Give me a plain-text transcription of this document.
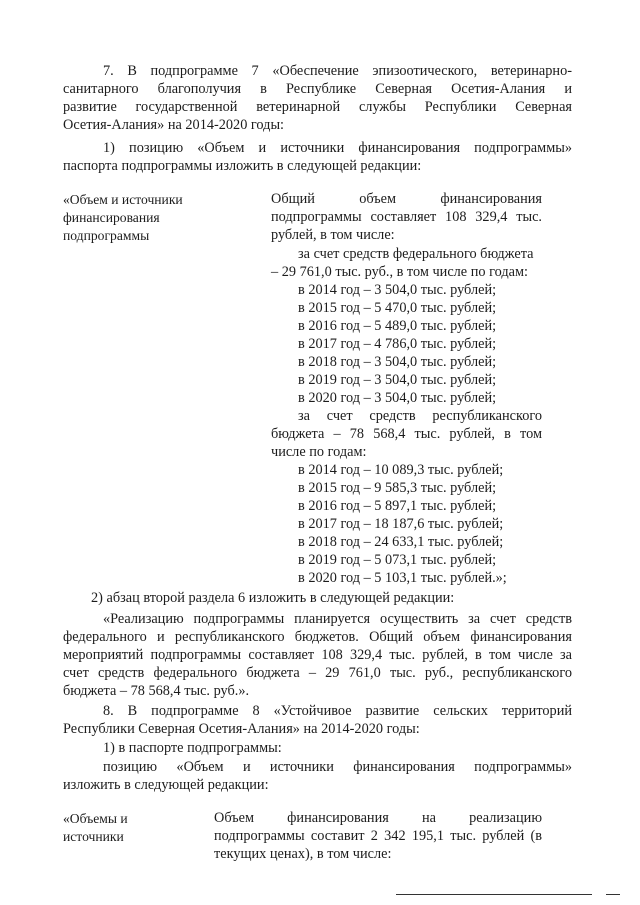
7. В подпрограмме 7 «Обеспечение эпизоотического, ветеринарно-
санитарного благополучия в Республике Северная Осетия-Алания и
развитие государственной ветеринарной службы Республики Северная
Осетия-Алания» на 2014-2020 годы:
1) позицию «Объем и источники финансирования подпрограммы»
паспорта подпрограммы изложить в следующей редакции:
«Объем и источники
финансирования
подпрограммы
Общий объем финансирования
подпрограммы составляет 108 329,4 тыс.
рублей, в том числе:
за счет средств федерального бюджета
– 29 761,0 тыс. руб., в том числе по годам:
в 2014 год – 3 504,0 тыс. рублей;
в 2015 год – 5 470,0 тыс. рублей;
в 2016 год – 5 489,0 тыс. рублей;
в 2017 год – 4 786,0 тыс. рублей;
в 2018 год – 3 504,0 тыс. рублей;
в 2019 год – 3 504,0 тыс. рублей;
в 2020 год – 3 504,0 тыс. рублей;
за счет средств республиканского
бюджета – 78 568,4 тыс. рублей, в том
числе по годам:
в 2014 год – 10 089,3 тыс. рублей;
в 2015 год – 9 585,3 тыс. рублей;
в 2016 год – 5 897,1 тыс. рублей;
в 2017 год – 18 187,6 тыс. рублей;
в 2018 год – 24 633,1 тыс. рублей;
в 2019 год – 5 073,1 тыс. рублей;
в 2020 год – 5 103,1 тыс. рублей.»;
2) абзац второй раздела 6 изложить в следующей редакции:
«Реализацию подпрограммы планируется осуществить за счет средств
федерального и республиканского бюджетов. Общий объем финансирования
мероприятий подпрограммы составляет 108 329,4 тыс. рублей, в том числе за
счет средств федерального бюджета – 29 761,0 тыс. руб., республиканского
бюджета – 78 568,4 тыс. руб.».
8. В подпрограмме 8 «Устойчивое развитие сельских территорий
Республики Северная Осетия-Алания» на 2014-2020 годы:
1) в паспорте подпрограммы:
позицию «Объем и источники финансирования подпрограммы»
изложить в следующей редакции:
«Объемы и
источники
Объем финансирования на реализацию
подпрограммы составит 2 342 195,1 тыс. рублей (в
текущих ценах), в том числе:
